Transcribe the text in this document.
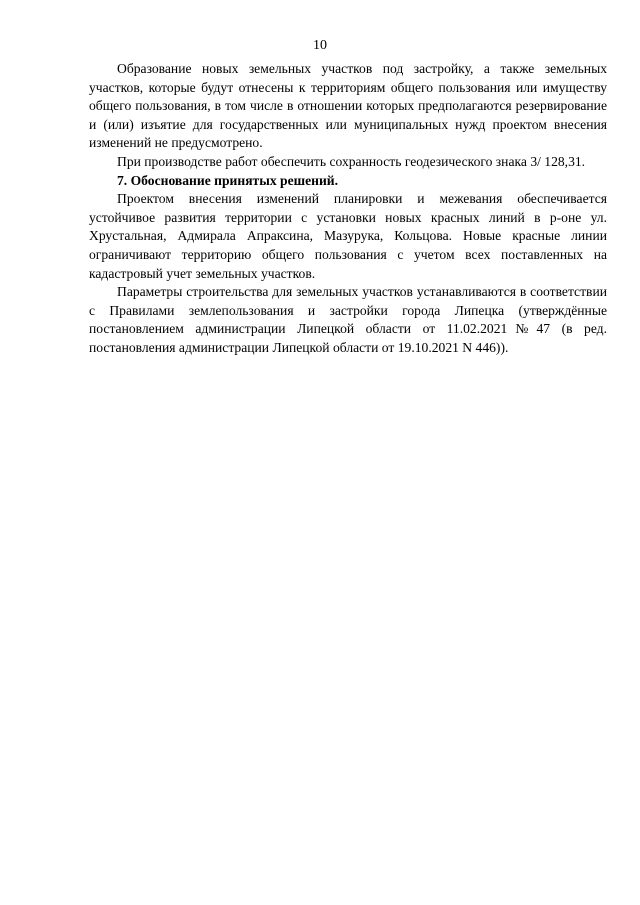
10

Образование новых земельных участков под застройку, а также земельных участков, которые будут отнесены к территориям общего пользования или имуществу общего пользования, в том числе в отношении которых предполагаются резервирование и (или) изъятие для государственных или муниципальных нужд проектом внесения изменений не предусмотрено.

При производстве работ обеспечить сохранность геодезического знака 3/ 128,31.

7. Обоснование принятых решений.

Проектом внесения изменений планировки и межевания обеспечивается устойчивое развития территории с установки новых красных линий в р-оне ул. Хрустальная, Адмирала Апраксина, Мазурука, Кольцова. Новые красные линии ограничивают территорию общего пользования с учетом всех поставленных на кадастровый учет земельных участков.

Параметры строительства для земельных участков устанавливаются в соответствии с Правилами землепользования и застройки города Липецка (утверждённые постановлением администрации Липецкой области от 11.02.2021№47 (в ред. постановления администрации Липецкой области от 19.10.2021 N 446)).
